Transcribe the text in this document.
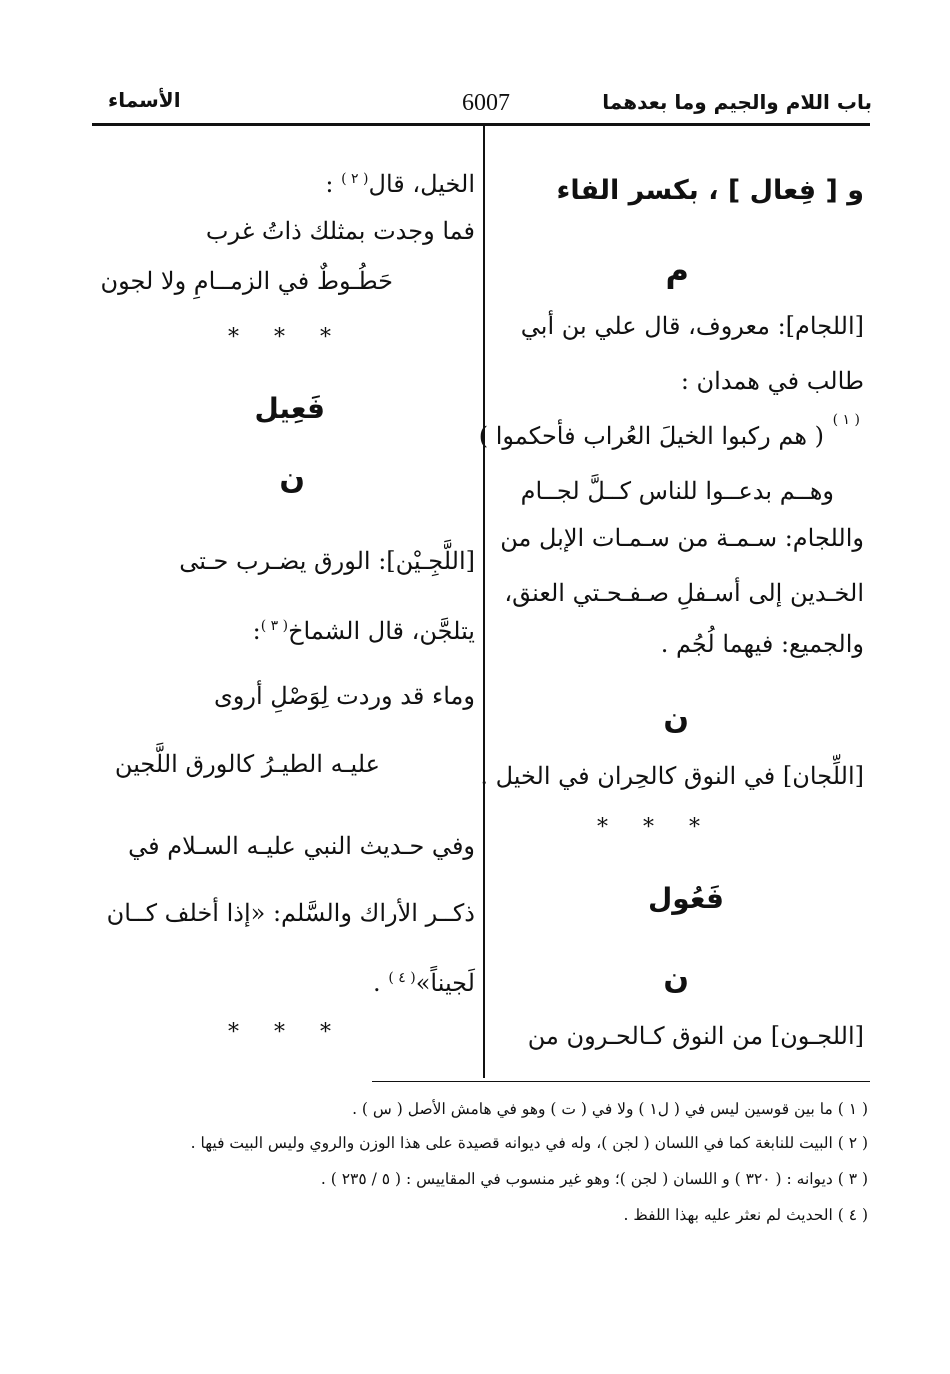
باب اللام والجيم وما بعدهما
6007
الأسماء
و [ فِعال ] ، بكسر الفاء
م
[اللجام]: معروف، قال علي بن أبي
طالب في همدان :
( هم ركبوا الخيلَ العُراب فأحكموا )
( ١ )
وهــم بدعــوا للناس كــلَّ لجــام
واللجام: سـمـة من سـمـات الإبل من
الخـدين إلى أسـفلِ صـفـحـتي العنق،
والجميع: فيهما لُجُم .
ن
[اللِّجان] في النوق كالحِران في الخيل .
* * *
فَعُول
ن
[اللجـون] من النوق كـالحـرون من
الخيل، قال$^{( ٢ )}$ :
فما وجدت بمثلك ذاتُ غرب
حَطُـوطٌ في الزمــامِ ولا لجون
* * *
فَعِيل
ن
[اللَّجِـيْن]: الورق يضـرب حـتى
يتلجَّن، قال الشماخ$^{( ٣ )}$:
وماء قد وردت لِوَصْلِ أروى
عليـه الطيـرُ كالورق اللَّجين
وفي حـديث النبي عليـه السـلام في
ذكــر الأراك والسَّلم: «إذا أخلف كــان
لَجيناً»$^{( ٤ )}$ .
* * *
( ١ ) ما بين قوسين ليس في ( ل١ ) ولا في ( ت ) وهو في هامش الأصل ( س ) .
( ٢ ) البيت للنابغة كما في اللسان ( لجن )، وله في ديوانه قصيدة على هذا الوزن والروي وليس البيت فيها .
( ٣ ) ديوانه : ( ٣٢٠ ) و اللسان ( لجن )؛ وهو غير منسوب في المقاييس : ( ٥ / ٢٣٥ ) .
( ٤ ) الحديث لم نعثر عليه بهذا اللفظ .
